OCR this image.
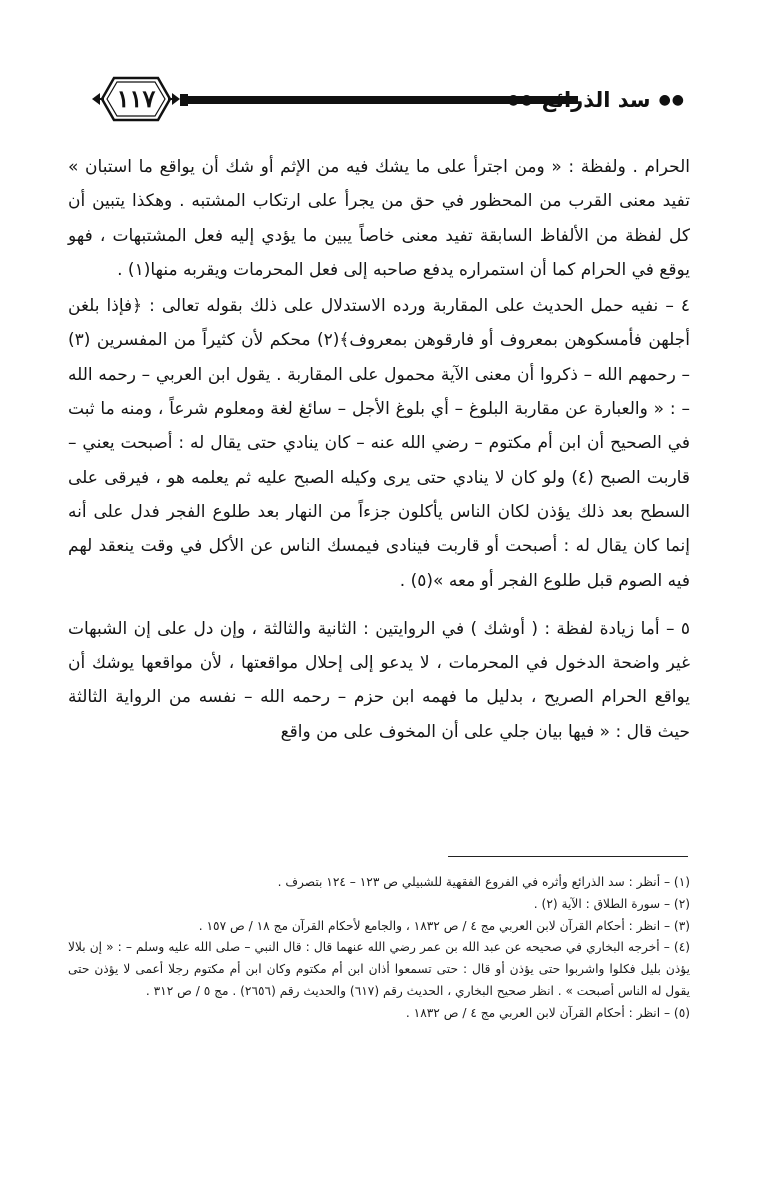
١١٧	●●
سد الذرائع
●●

الحرام . ولفظة : « ومن اجترأ على ما يشك فيه من الإثم أو شك أن يواقع ما استبان » تفيد معنى القرب من المحظور في حق من يجرأ على ارتكاب المشتبه . وهكذا يتبين أن كل لفظة من الألفاظ السابقة تفيد معنى خاصاً يبين ما يؤدي إليه فعل المشتبهات ، فهو يوقع في الحرام كما أن استمراره يدفع صاحبه إلى فعل المحرمات ويقربه منها(١) .

٤ – نفيه حمل الحديث على المقاربة ورده الاستدلال على ذلك بقوله تعالى : ﴿فإذا بلغن أجلهن فأمسكوهن بمعروف أو فارقوهن بمعروف﴾(٢) محكم لأن كثيراً من المفسرين (٣) – رحمهم الله – ذكروا أن معنى الآية محمول على المقاربة . يقول ابن العربي – رحمه الله – : « والعبارة عن مقاربة البلوغ – أي بلوغ الأجل – سائغ لغة ومعلوم شرعاً ، ومنه ما ثبت في الصحيح أن ابن أم مكتوم – رضي الله عنه – كان ينادي حتى يقال له : أصبحت يعني – قاربت الصبح (٤) ولو كان لا ينادي حتى يرى وكيله الصبح عليه ثم يعلمه هو ، فيرقى على السطح بعد ذلك يؤذن لكان الناس يأكلون جزءاً من النهار بعد طلوع الفجر فدل على أنه إنما كان يقال له : أصبحت أو قاربت فينادى فيمسك الناس عن الأكل في وقت ينعقد لهم فيه الصوم قبل طلوع الفجر أو معه »(٥) .

٥ – أما زيادة لفظة : ( أوشك ) في الروايتين : الثانية والثالثة ، وإن دل على إن الشبهات غير واضحة الدخول في المحرمات ، لا يدعو إلى إحلال مواقعتها ، لأن مواقعها يوشك أن يواقع الحرام الصريح ، بدليل ما فهمه ابن حزم – رحمه الله – نفسه من الرواية الثالثة حيث قال : « فيها بيان جلي على أن المخوف على من واقع

(١) – أنظر : سد الذرائع وأثره في الفروع الفقهية للشبيلي ص ١٢٣ – ١٢٤ بتصرف .

(٢) – سورة الطلاق : الآية (٢) .

(٣) – انظر : أحكام القرآن لابن العربي مج ٤ / ص ١٨٣٢ ، والجامع لأحكام القرآن مج ١٨ / ص ١٥٧ .

(٤) – أخرجه البخاري في صحيحه عن عبد الله بن عمر رضي الله عنهما قال : قال النبي – صلى الله عليه وسلم – : « إن بلالا يؤذن بليل فكلوا واشربوا حتى يؤذن أو قال : حتى تسمعوا أذان ابن أم مكتوم وكان ابن أم مكتوم رجلا أعمى لا يؤذن حتى يقول له الناس أصبحت » . انظر صحيح البخاري ، الحديث رقم (٦١٧) والحديث رقم (٢٦٥٦) . مج ٥ / ص ٣١٢ .

(٥) – انظر : أحكام القرآن لابن العربي مج ٤ / ص ١٨٣٢ .
